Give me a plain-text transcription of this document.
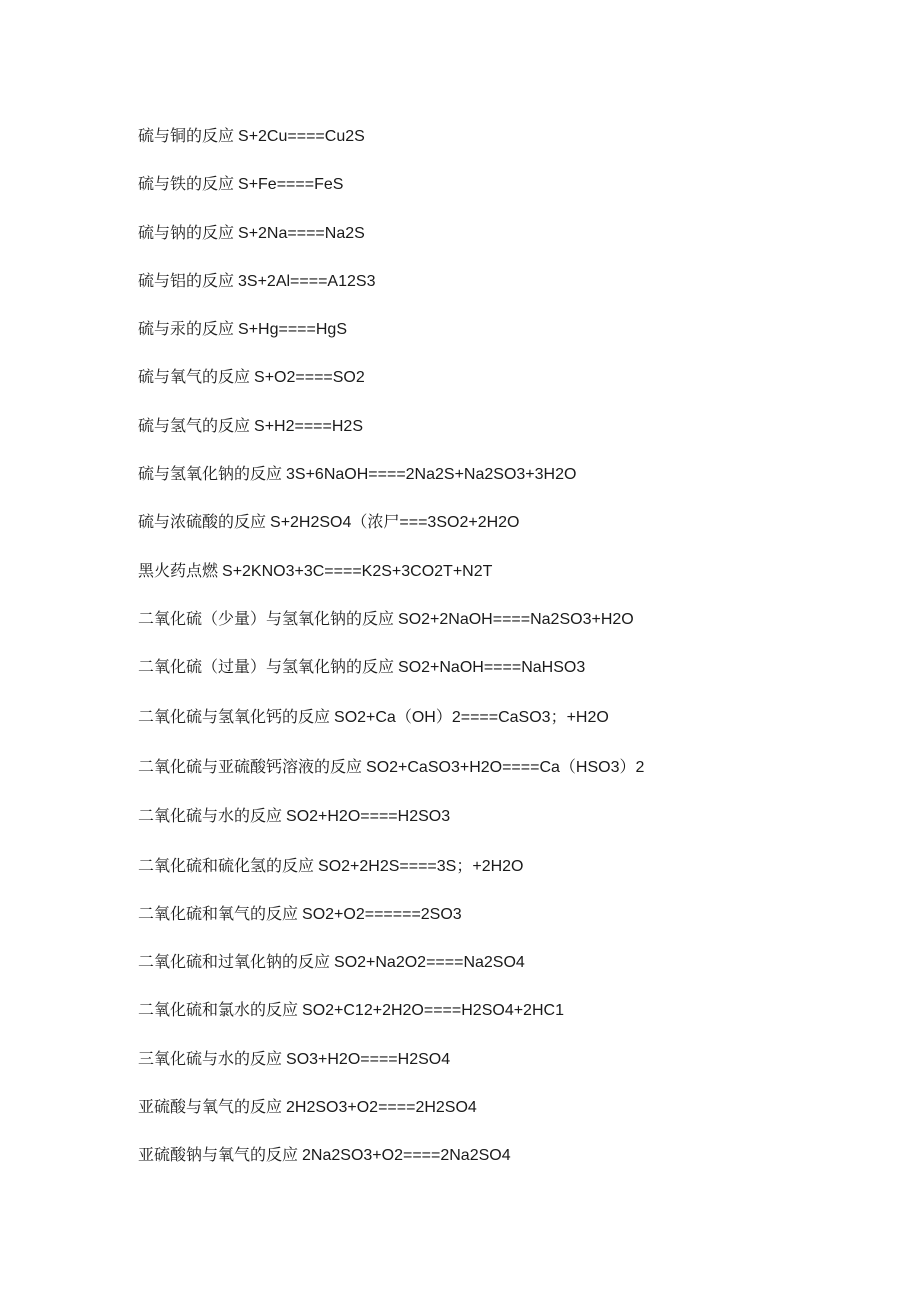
硫与铜的反应 S+2Cu====Cu2S
硫与铁的反应 S+Fe====FeS
硫与钠的反应 S+2Na====Na2S
硫与铝的反应 3S+2Al====A12S3
硫与汞的反应 S+Hg====HgS
硫与氧气的反应 S+O2====SO2
硫与氢气的反应 S+H2====H2S
硫与氢氧化钠的反应 3S+6NaOH====2Na2S+Na2SO3+3H2O
硫与浓硫酸的反应 S+2H2SO4（浓尸===3SO2+2H2O
黑火药点燃 S+2KNO3+3C====K2S+3CO2T+N2T
二氧化硫（少量）与氢氧化钠的反应 SO2+2NaOH====Na2SO3+H2O
二氧化硫（过量）与氢氧化钠的反应 SO2+NaOH====NaHSO3
二氧化硫与氢氧化钙的反应 SO2+Ca（OH）2====CaSO3；+H2O
二氧化硫与亚硫酸钙溶液的反应 SO2+CaSO3+H2O====Ca（HSO3）2
二氧化硫与水的反应 SO2+H2O====H2SO3
二氧化硫和硫化氢的反应 SO2+2H2S====3S；+2H2O
二氧化硫和氧气的反应 SO2+O2======2SO3
二氧化硫和过氧化钠的反应 SO2+Na2O2====Na2SO4
二氧化硫和氯水的反应 SO2+C12+2H2O====H2SO4+2HC1
三氧化硫与水的反应 SO3+H2O====H2SO4
亚硫酸与氧气的反应 2H2SO3+O2====2H2SO4
亚硫酸钠与氧气的反应 2Na2SO3+O2====2Na2SO4
